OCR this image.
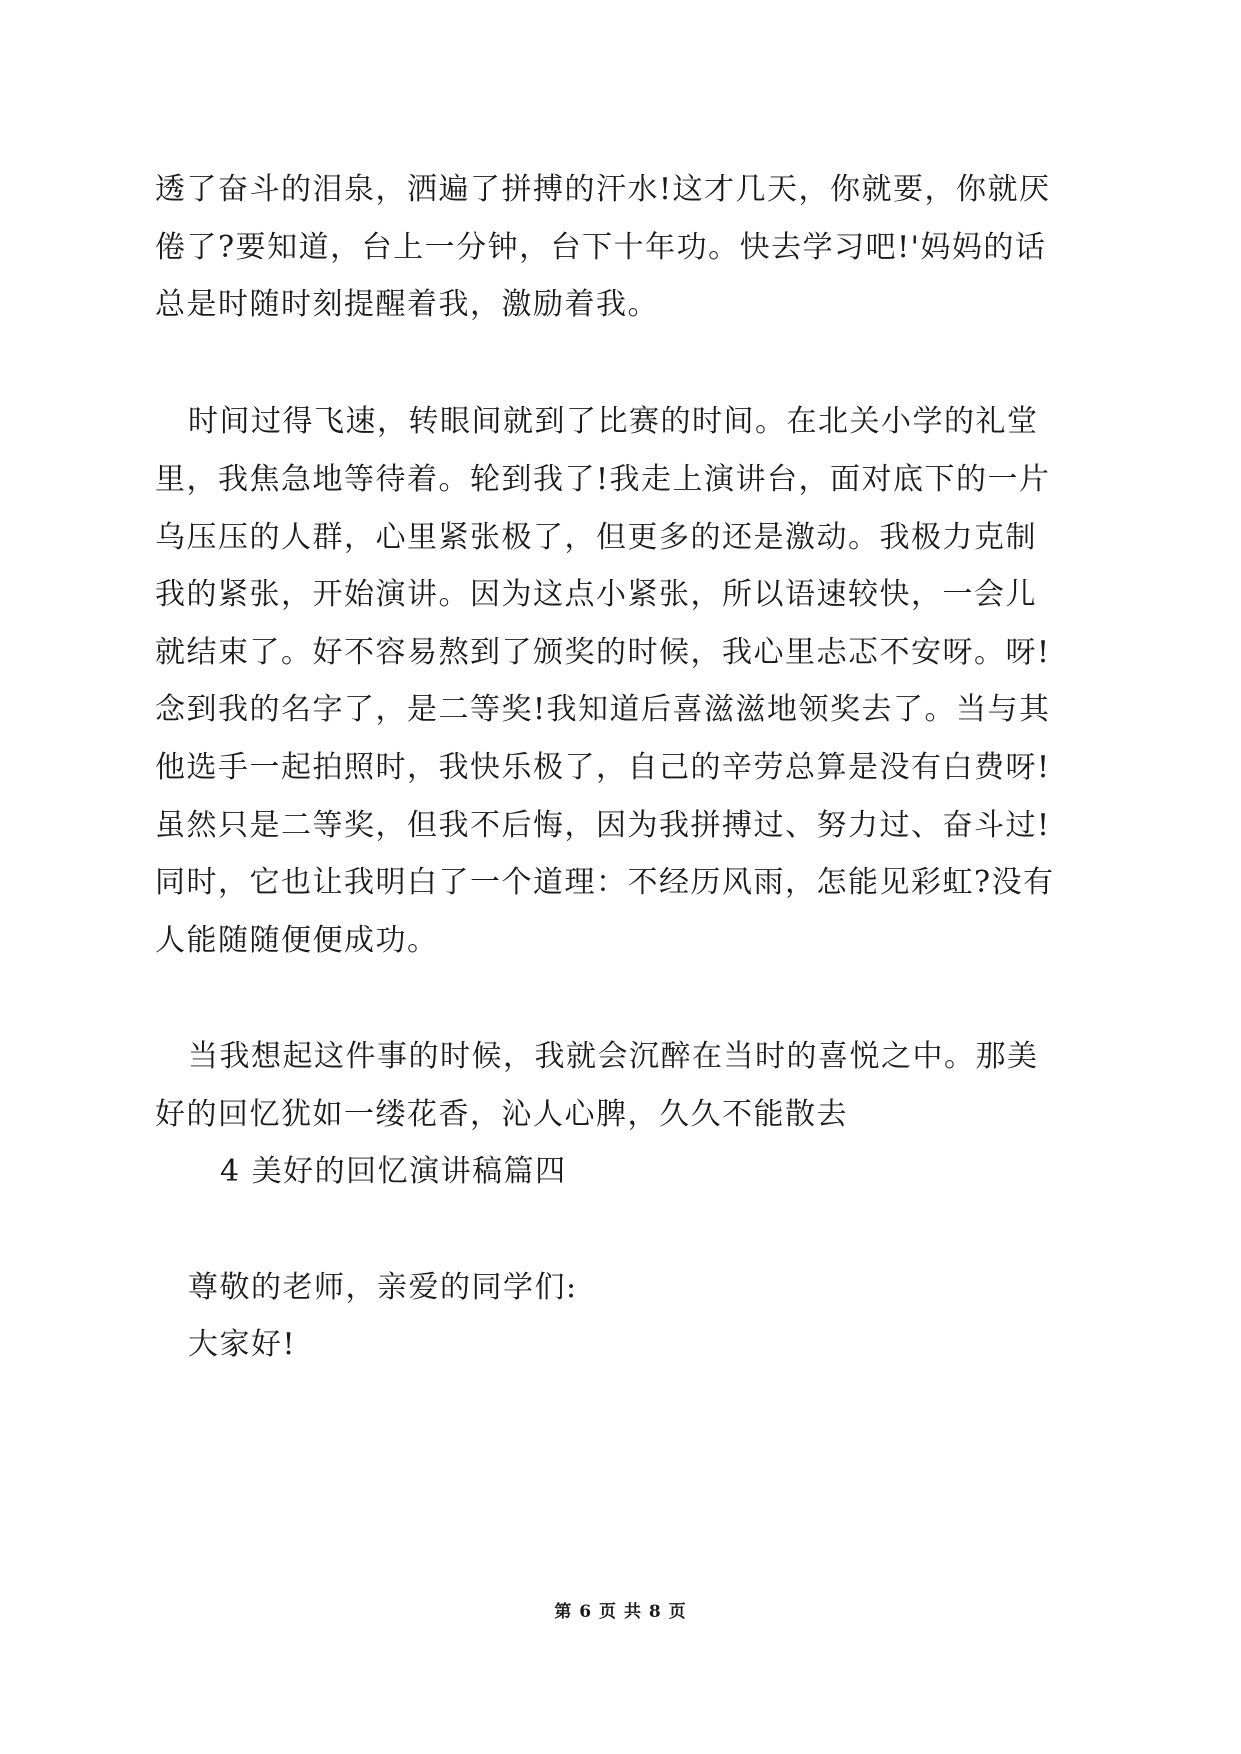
透了奋斗的泪泉，洒遍了拼搏的汗水!这才几天，你就要，你就厌
倦了?要知道，台上一分钟，台下十年功。快去学习吧!'妈妈的话
总是时随时刻提醒着我，激励着我。
时间过得飞速，转眼间就到了比赛的时间。在北关小学的礼堂
里，我焦急地等待着。轮到我了!我走上演讲台，面对底下的一片
乌压压的人群，心里紧张极了，但更多的还是激动。我极力克制
我的紧张，开始演讲。因为这点小紧张，所以语速较快，一会儿
就结束了。好不容易熬到了颁奖的时候，我心里忐忑不安呀。呀!
念到我的名字了，是二等奖!我知道后喜滋滋地领奖去了。当与其
他选手一起拍照时，我快乐极了，自己的辛劳总算是没有白费呀!
虽然只是二等奖，但我不后悔，因为我拼搏过、努力过、奋斗过!
同时，它也让我明白了一个道理：不经历风雨，怎能见彩虹?没有
人能随随便便成功。
当我想起这件事的时候，我就会沉醉在当时的喜悦之中。那美
好的回忆犹如一缕花香，沁人心脾，久久不能散去
4 美好的回忆演讲稿篇四
尊敬的老师，亲爱的同学们:
大家好!
第 6 页 共 8 页
